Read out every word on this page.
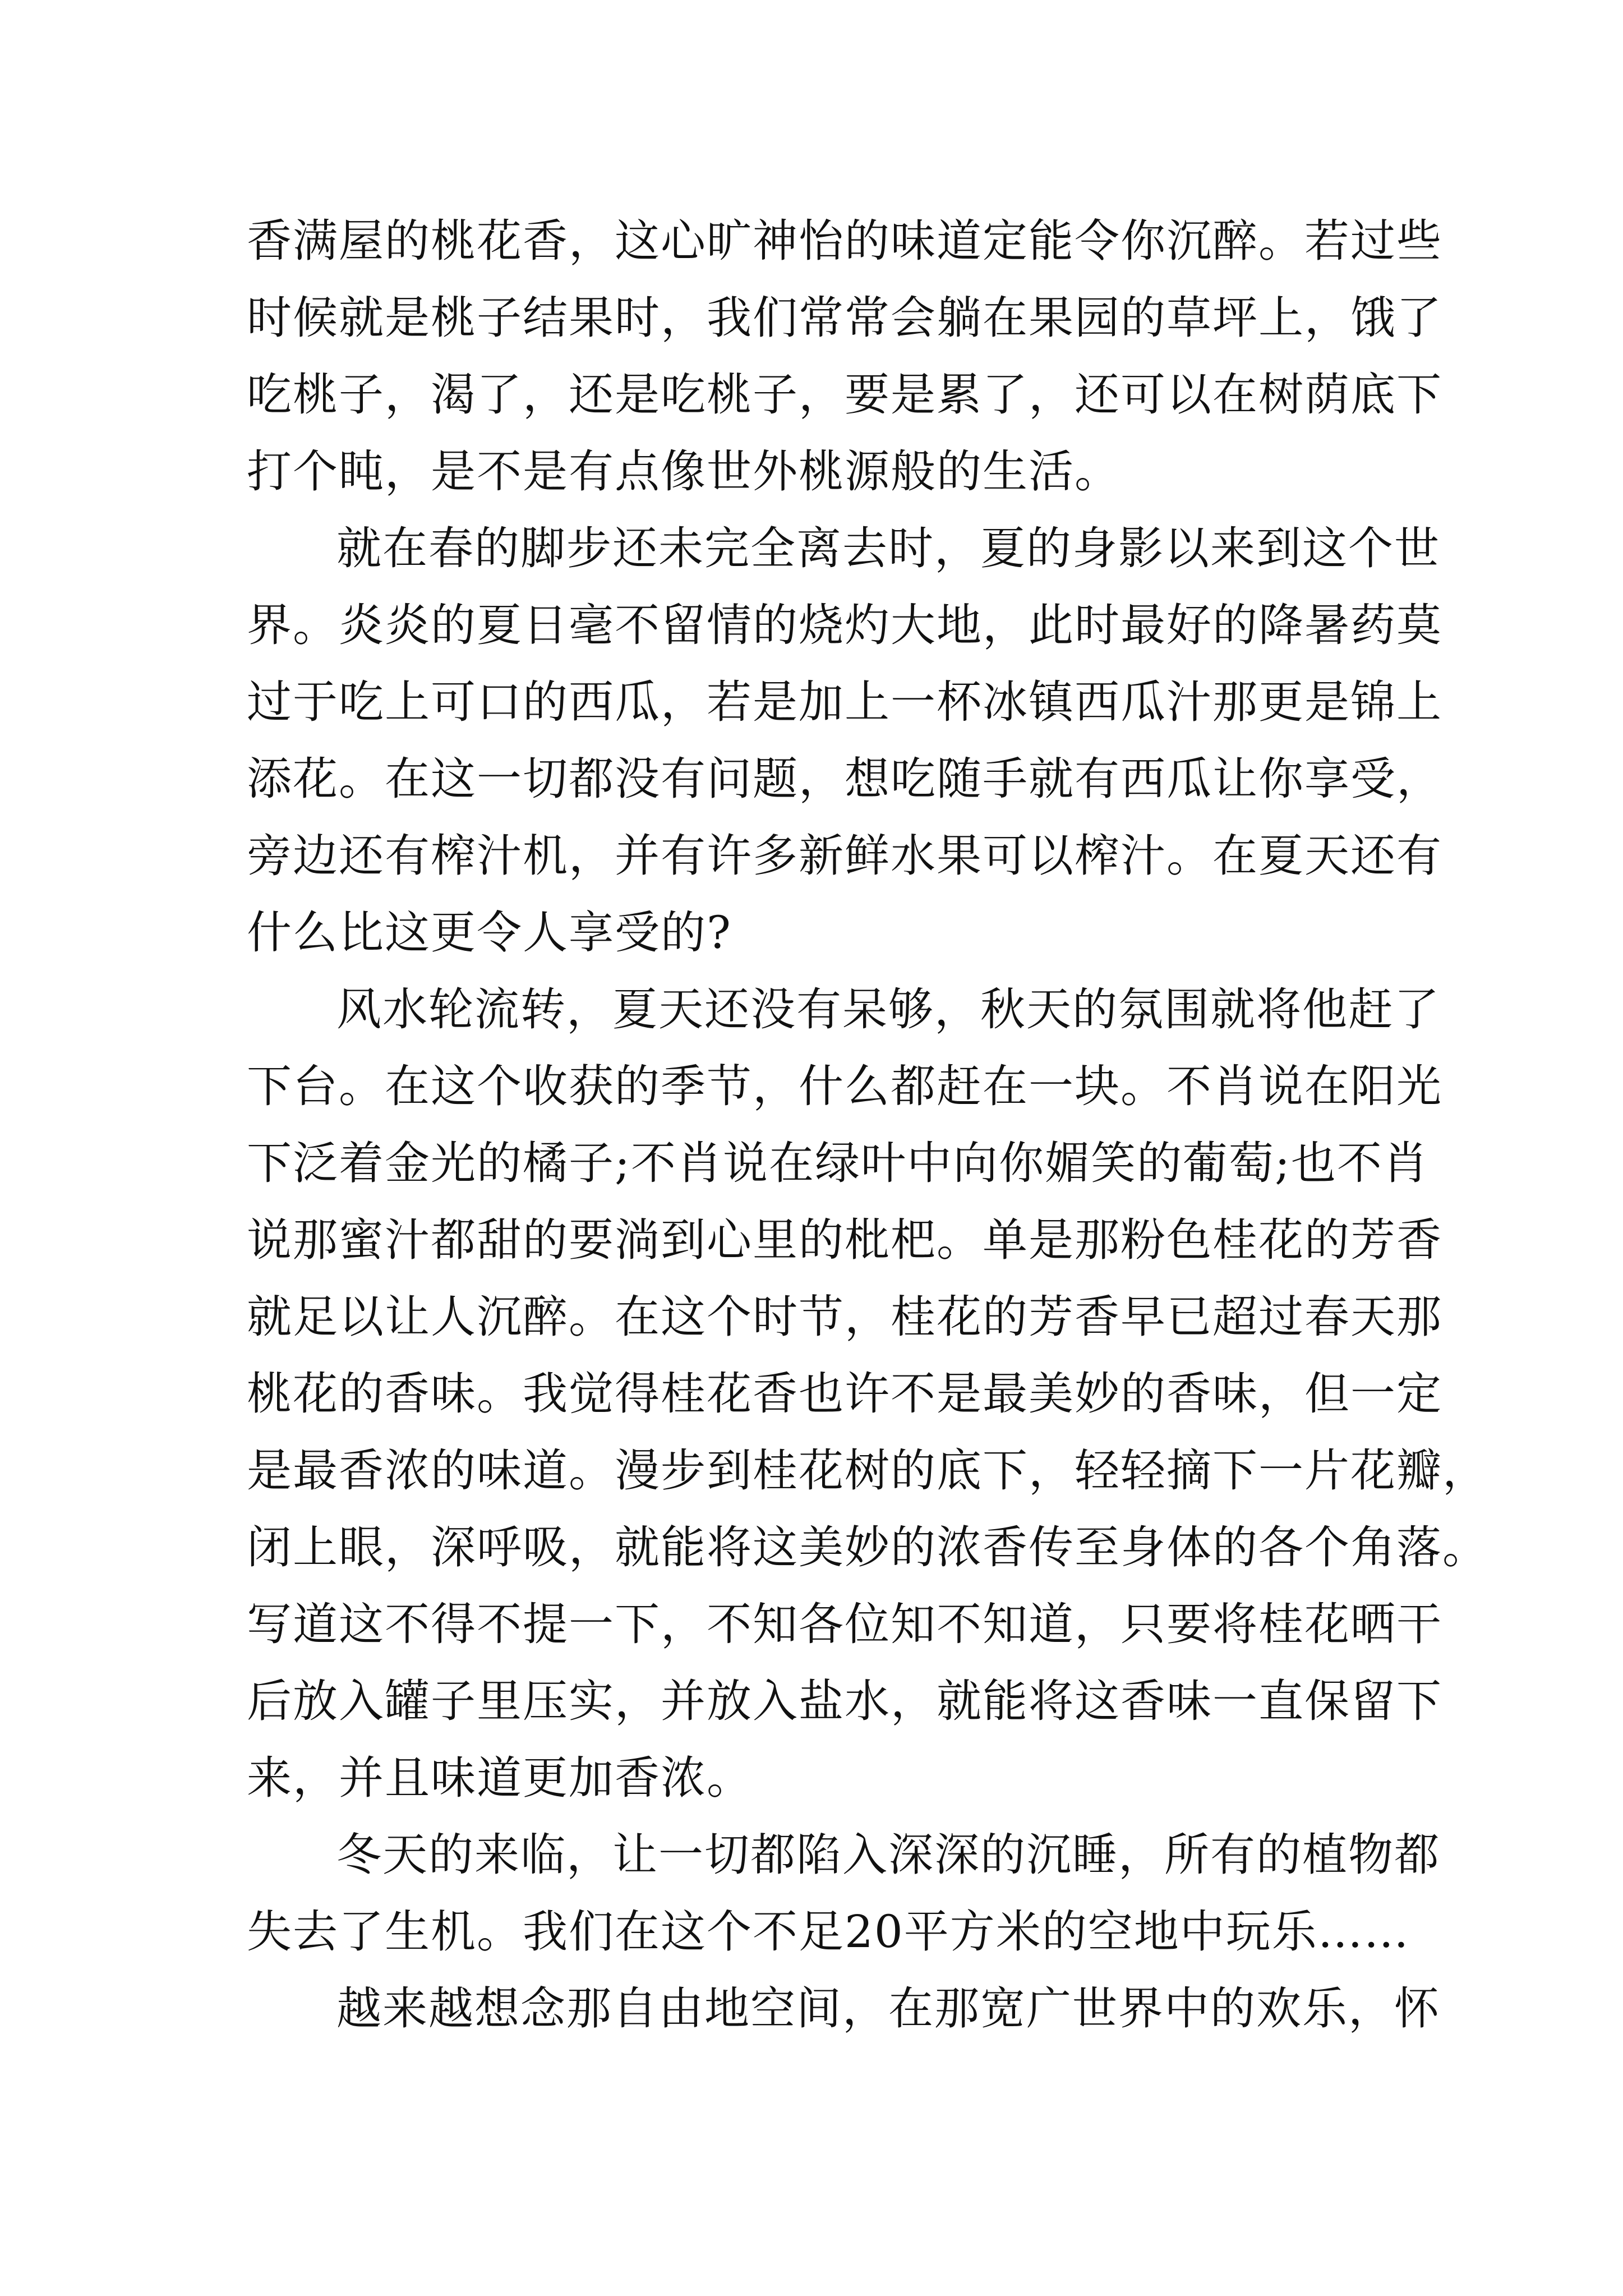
香满屋的桃花香，这心旷神怡的味道定能令你沉醉。若过些
时候就是桃子结果时，我们常常会躺在果园的草坪上，饿了
吃桃子，渴了，还是吃桃子，要是累了，还可以在树荫底下
打个盹，是不是有点像世外桃源般的生活。
就在春的脚步还未完全离去时，夏的身影以来到这个世
界。炎炎的夏日毫不留情的烧灼大地，此时最好的降暑药莫
过于吃上可口的西瓜，若是加上一杯冰镇西瓜汁那更是锦上
添花。在这一切都没有问题，想吃随手就有西瓜让你享受，
旁边还有榨汁机，并有许多新鲜水果可以榨汁。在夏天还有
什么比这更令人享受的?
风水轮流转，夏天还没有呆够，秋天的氛围就将他赶了
下台。在这个收获的季节，什么都赶在一块。不肖说在阳光
下泛着金光的橘子;不肖说在绿叶中向你媚笑的葡萄;也不肖
说那蜜汁都甜的要淌到心里的枇杷。单是那粉色桂花的芳香
就足以让人沉醉。在这个时节，桂花的芳香早已超过春天那
桃花的香味。我觉得桂花香也许不是最美妙的香味，但一定
是最香浓的味道。漫步到桂花树的底下，轻轻摘下一片花瓣，
闭上眼，深呼吸，就能将这美妙的浓香传至身体的各个角落。
写道这不得不提一下，不知各位知不知道，只要将桂花晒干
后放入罐子里压实，并放入盐水，就能将这香味一直保留下
来，并且味道更加香浓。
冬天的来临，让一切都陷入深深的沉睡，所有的植物都
失去了生机。我们在这个不足20平方米的空地中玩乐……
越来越想念那自由地空间，在那宽广世界中的欢乐，怀
